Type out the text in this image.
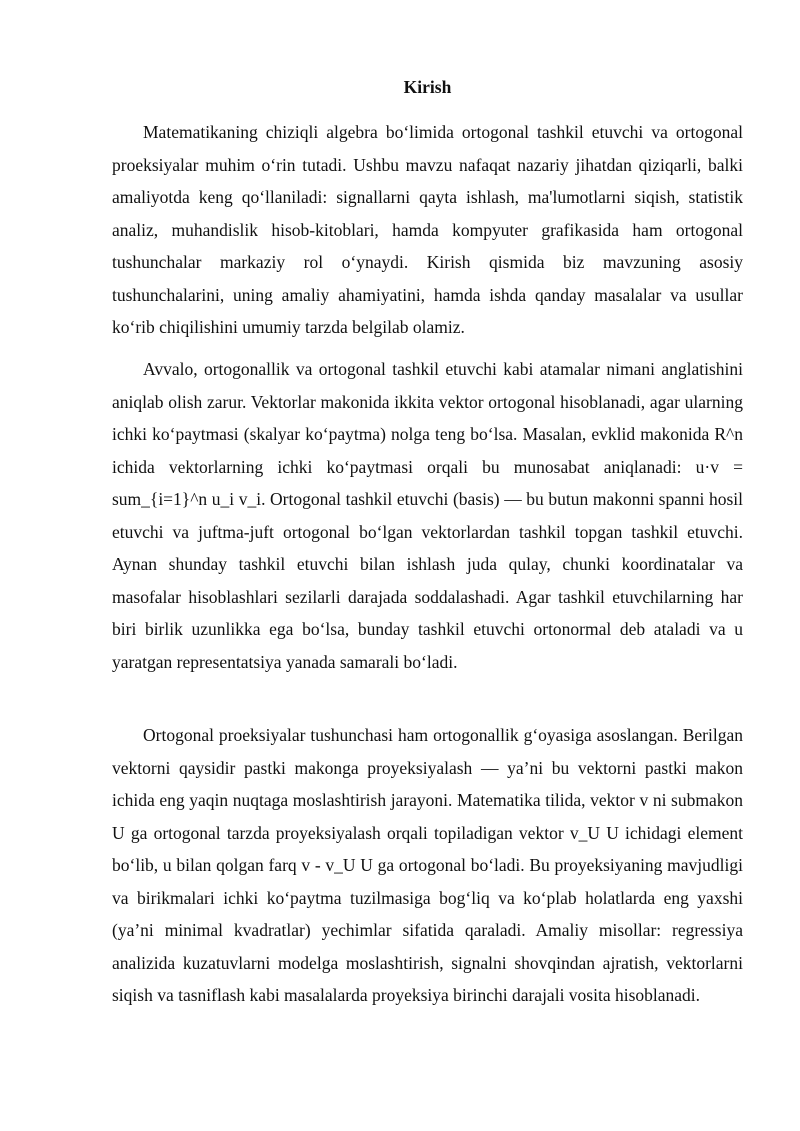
Kirish

Matematikaning chiziqli algebra bo‘limida ortogonal tashkil etuvchi va ortogonal proeksiyalar muhim o‘rin tutadi. Ushbu mavzu nafaqat nazariy jihatdan qiziqarli, balki amaliyotda keng qo‘llaniladi: signallarni qayta ishlash, ma'lumotlarni siqish, statistik analiz, muhandislik hisob-kitoblari, hamda kompyuter grafikasida ham ortogonal tushunchalar markaziy rol o‘ynaydi. Kirish qismida biz mavzuning asosiy tushunchalarini, uning amaliy ahamiyatini, hamda ishda qanday masalalar va usullar ko‘rib chiqilishini umumiy tarzda belgilab olamiz.

Avvalo, ortogonallik va ortogonal tashkil etuvchi kabi atamalar nimani anglatishini aniqlab olish zarur. Vektorlar makonida ikkita vektor ortogonal hisoblanadi, agar ularning ichki ko‘paytmasi (skalyar ko‘paytma) nolga teng bo‘lsa. Masalan, evklid makonida R^n ichida vektorlarning ichki ko‘paytmasi orqali bu munosabat aniqlanadi: u·v = sum_{i=1}^n u_i v_i. Ortogonal tashkil etuvchi (basis) — bu butun makonni spanni hosil etuvchi va juftma-juft ortogonal bo‘lgan vektorlardan tashkil topgan tashkil etuvchi. Aynan shunday tashkil etuvchi bilan ishlash juda qulay, chunki koordinatalar va masofalar hisoblashlari sezilarli darajada soddalashadi. Agar tashkil etuvchilarning har biri birlik uzunlikka ega bo‘lsa, bunday tashkil etuvchi ortonormal deb ataladi va u yaratgan representatsiya yanada samarali bo‘ladi.

Ortogonal proeksiyalar tushunchasi ham ortogonallik g‘oyasiga asoslangan. Berilgan vektorni qaysidir pastki makonga proyeksiyalash — ya’ni bu vektorni pastki makon ichida eng yaqin nuqtaga moslashtirish jarayoni. Matematika tilida, vektor v ni submakon U ga ortogonal tarzda proyeksiyalash orqali topiladigan vektor v_U U ichidagi element bo‘lib, u bilan qolgan farq v - v_U U ga ortogonal bo‘ladi. Bu proyeksiyaning mavjudligi va birikmalari ichki ko‘paytma tuzilmasiga bog‘liq va ko‘plab holatlarda eng yaxshi (ya’ni minimal kvadratlar) yechimlar sifatida qaraladi. Amaliy misollar: regressiya analizida kuzatuvlarni modelga moslashtirish, signalni shovqindan ajratish, vektorlarni siqish va tasniflash kabi masalalarda proyeksiya birinchi darajali vosita hisoblanadi.
